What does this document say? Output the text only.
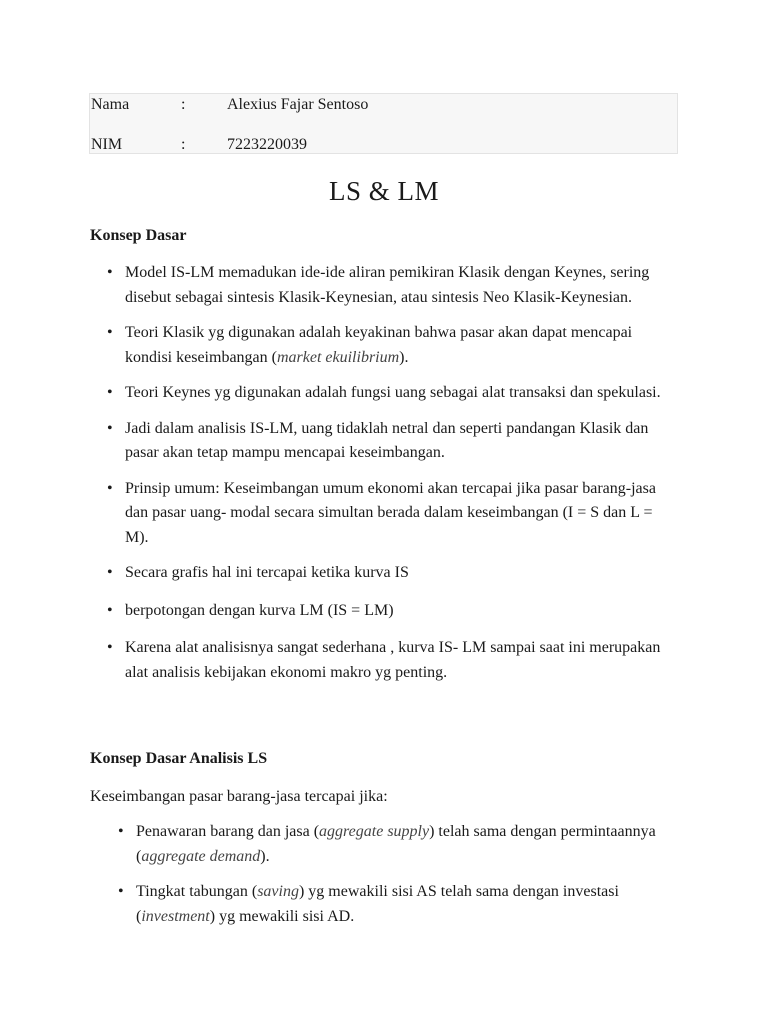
Nama	:	Alexius Fajar Sentoso
NIM	:	7223220039
LS & LM
Konsep Dasar
• Model IS-LM memadukan ide-ide aliran pemikiran Klasik dengan Keynes, sering disebut sebagai sintesis Klasik-Keynesian, atau sintesis Neo Klasik-Keynesian.
• Teori Klasik yg digunakan adalah keyakinan bahwa pasar akan dapat mencapai kondisi keseimbangan (market ekuilibrium).
• Teori Keynes yg digunakan adalah fungsi uang sebagai alat transaksi dan spekulasi.
• Jadi dalam analisis IS-LM, uang tidaklah netral dan seperti pandangan Klasik dan pasar akan tetap mampu mencapai keseimbangan.
• Prinsip umum: Keseimbangan umum ekonomi akan tercapai jika pasar barang-jasa dan pasar uang- modal secara simultan berada dalam keseimbangan (I = S dan L = M).
• Secara grafis hal ini tercapai ketika kurva IS
• berpotongan dengan kurva LM (IS = LM)
• Karena alat analisisnya sangat sederhana , kurva IS- LM sampai saat ini merupakan alat analisis kebijakan ekonomi makro yg penting.
Konsep Dasar Analisis LS
Keseimbangan pasar barang-jasa tercapai jika:
• Penawaran barang dan jasa (aggregate supply) telah sama dengan permintaannya (aggregate demand).
• Tingkat tabungan (saving) yg mewakili sisi AS telah sama dengan investasi (investment) yg mewakili sisi AD.
